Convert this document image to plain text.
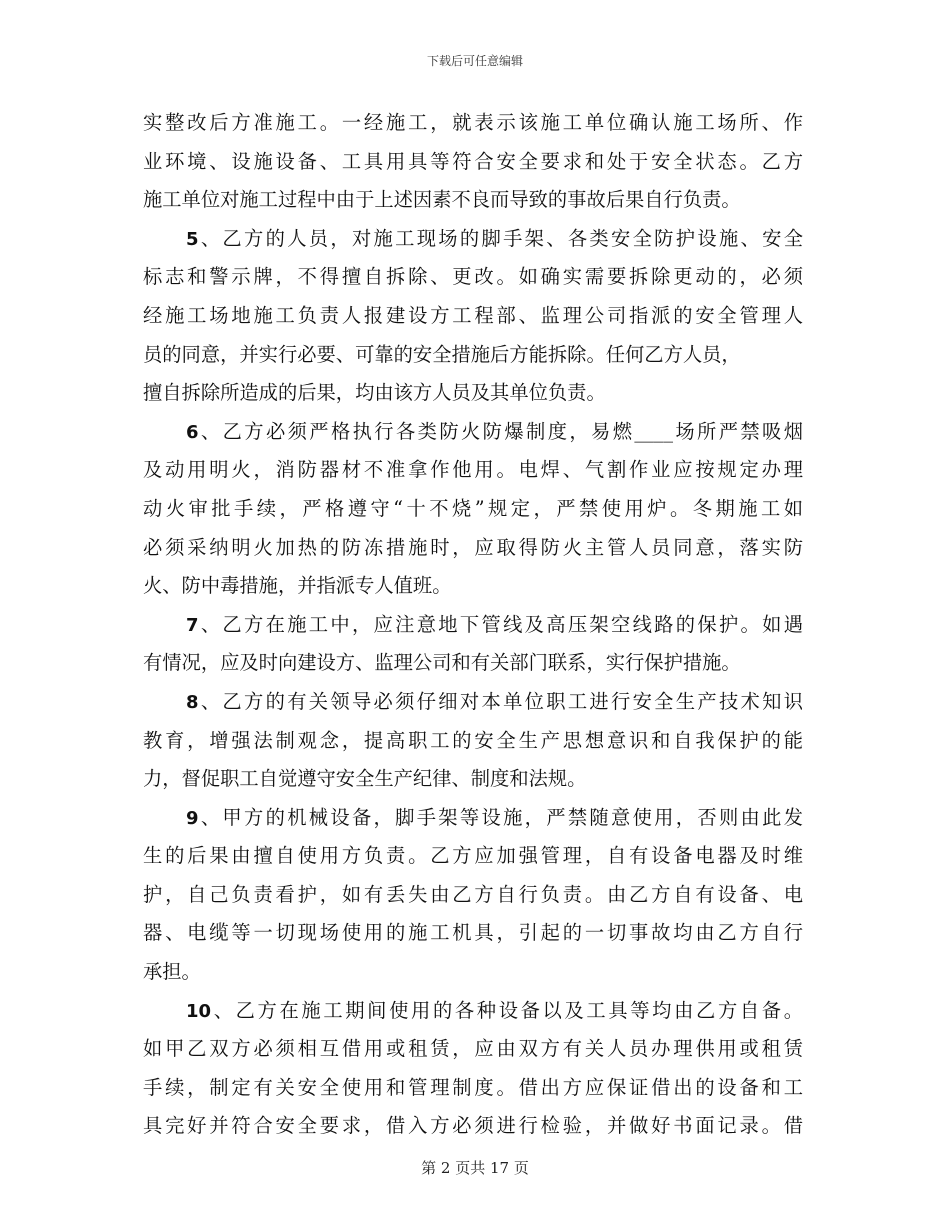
下载后可任意编辑
实整改后方准施工。一经施工，就表示该施工单位确认施工场所、作
业环境、设施设备、工具用具等符合安全要求和处于安全状态。乙方
施工单位对施工过程中由于上述因素不良而导致的事故后果自行负责。
5、乙方的人员，对施工现场的脚手架、各类安全防护设施、安全
标志和警示牌，不得擅自拆除、更改。如确实需要拆除更动的，必须
经施工场地施工负责人报建设方工程部、监理公司指派的安全管理人
员的同意，并实行必要、可靠的安全措施后方能拆除。任何乙方人员，
擅自拆除所造成的后果，均由该方人员及其单位负责。
6、乙方必须严格执行各类防火防爆制度，易燃____场所严禁吸烟
及动用明火，消防器材不准拿作他用。电焊、气割作业应按规定办理
动火审批手续，严格遵守“十不烧”规定，严禁使用炉。冬期施工如
必须采纳明火加热的防冻措施时，应取得防火主管人员同意，落实防
火、防中毒措施，并指派专人值班。
7、乙方在施工中，应注意地下管线及高压架空线路的保护。如遇
有情况，应及时向建设方、监理公司和有关部门联系，实行保护措施。
8、乙方的有关领导必须仔细对本单位职工进行安全生产技术知识
教育，增强法制观念，提高职工的安全生产思想意识和自我保护的能
力，督促职工自觉遵守安全生产纪律、制度和法规。
9、甲方的机械设备，脚手架等设施，严禁随意使用，否则由此发
生的后果由擅自使用方负责。乙方应加强管理，自有设备电器及时维
护，自己负责看护，如有丢失由乙方自行负责。由乙方自有设备、电
器、电缆等一切现场使用的施工机具，引起的一切事故均由乙方自行
承担。
10、乙方在施工期间使用的各种设备以及工具等均由乙方自备。
如甲乙双方必须相互借用或租赁，应由双方有关人员办理供用或租赁
手续，制定有关安全使用和管理制度。借出方应保证借出的设备和工
具完好并符合安全要求，借入方必须进行检验，并做好书面记录。借
第 2 页共 17 页
